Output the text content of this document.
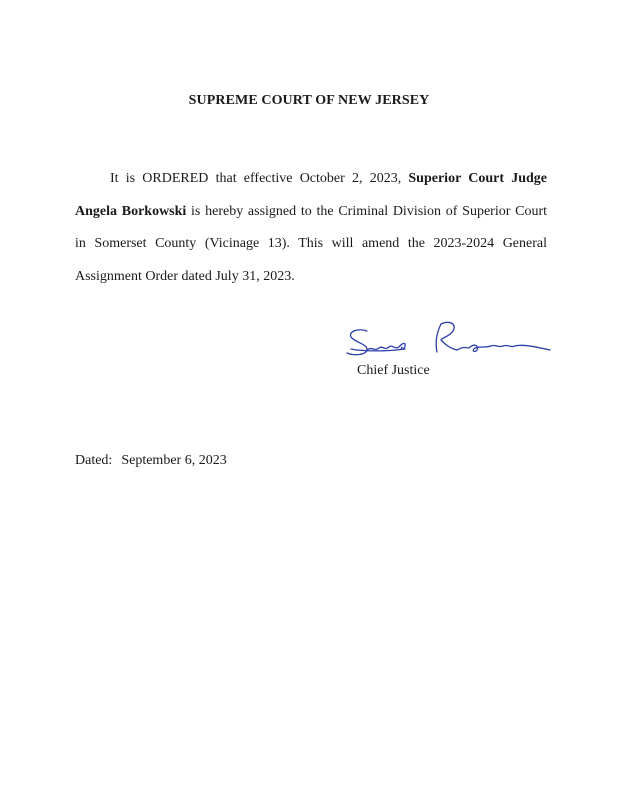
SUPREME COURT OF NEW JERSEY

It is ORDERED that effective October 2, 2023, Superior Court Judge Angela Borkowski is hereby assigned to the Criminal Division of Superior Court in Somerset County (Vicinage 13). This will amend the 2023-2024 General Assignment Order dated July 31, 2023.

Chief Justice
Dated: September 6, 2023
